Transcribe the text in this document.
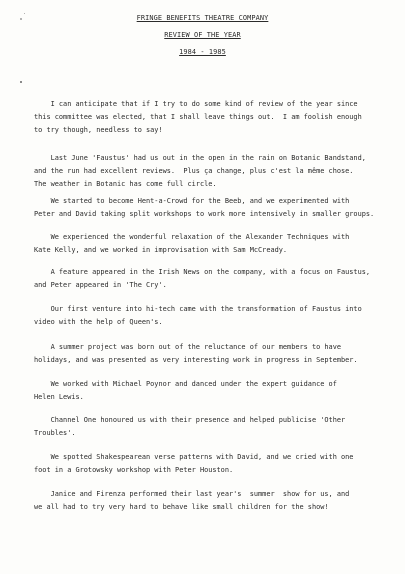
FRINGE BENEFITS THEATRE COMPANY
REVIEW OF THE YEAR
1984 - 1985
I can anticipate that if I try to do some kind of review of the year since
this committee was elected, that I shall leave things out.  I am foolish enough
to try though, needless to say!
Last June 'Faustus' had us out in the open in the rain on Botanic Bandstand,
and the run had excellent reviews.  Plus ça change, plus c'est la même chose.
The weather in Botanic has come full circle.
We started to become Hent-a-Crowd for the Beeb, and we experimented with
Peter and David taking split workshops to work more intensively in smaller groups.
We experienced the wonderful relaxation of the Alexander Techniques with
Kate Kelly, and we worked in improvisation with Sam McCready.
A feature appeared in the Irish News on the company, with a focus on Faustus,
and Peter appeared in 'The Cry'.
Our first venture into hi-tech came with the transformation of Faustus into
video with the help of Queen's.
A summer project was born out of the reluctance of our members to have
holidays, and was presented as very interesting work in progress in September.
We worked with Michael Poynor and danced under the expert guidance of
Helen Lewis.
Channel One honoured us with their presence and helped publicise 'Other
Troubles'.
We spotted Shakespearean verse patterns with David, and we cried with one
foot in a Grotowsky workshop with Peter Houston.
Janice and Firenza performed their last year's  summer  show for us, and
we all had to try very hard to behave like small children for the show!
